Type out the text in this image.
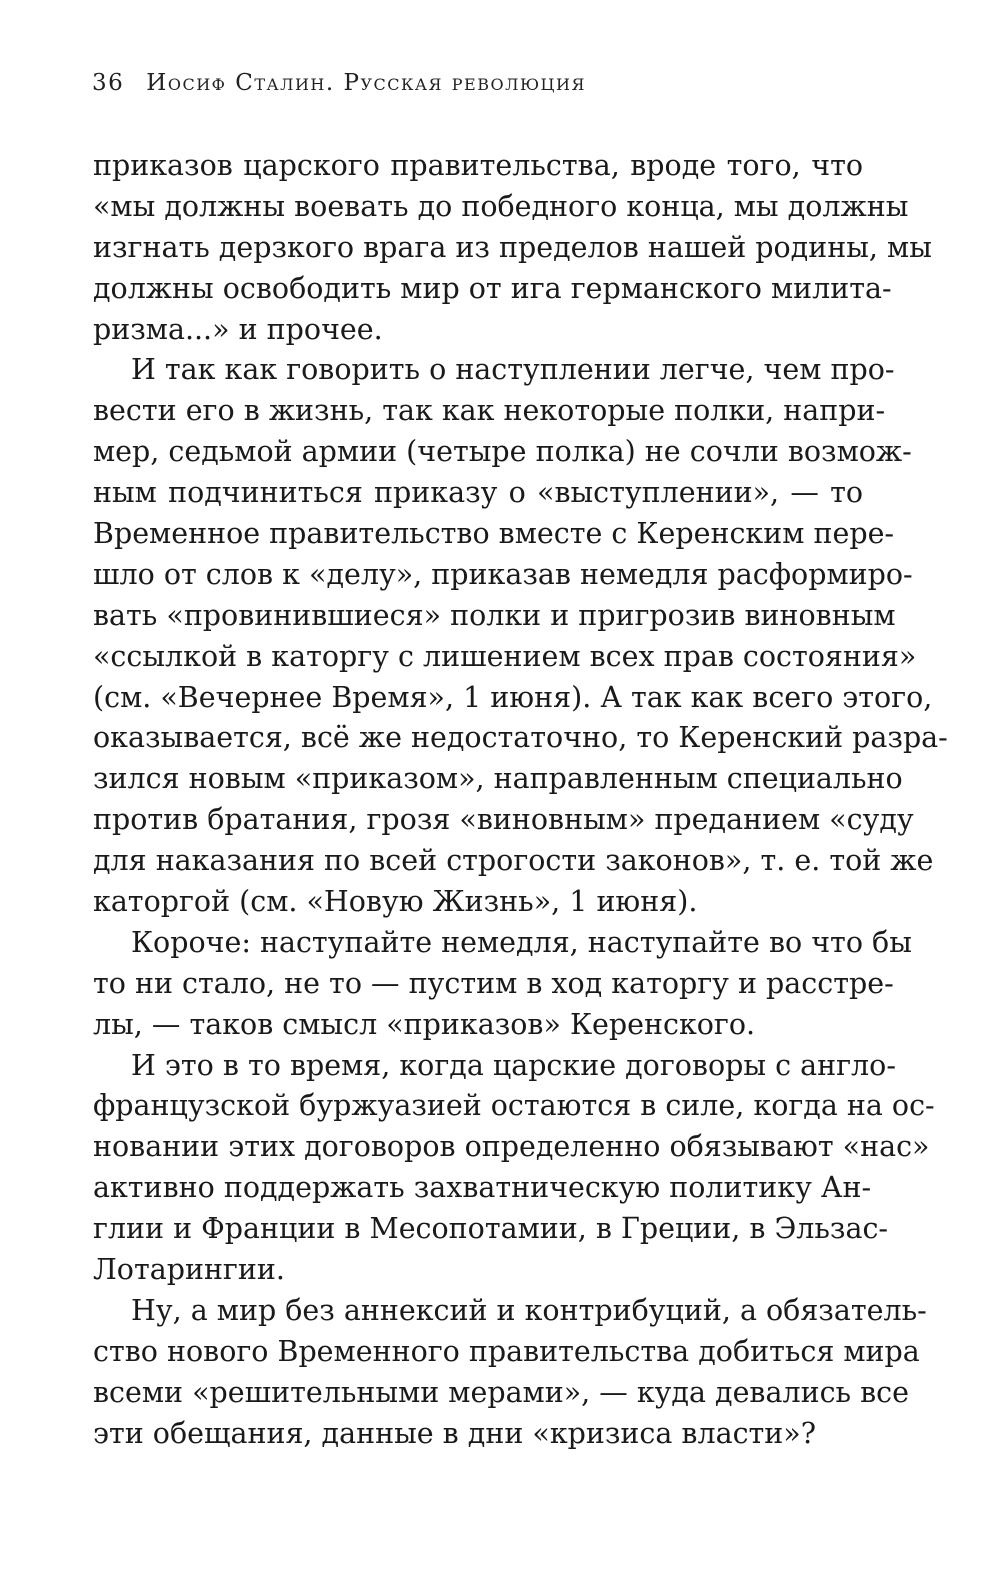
36 Иосиф Сталин. Русская революция
приказов царского правительства, вроде того, что
«мы должны воевать до победного конца, мы должны
изгнать дерзкого врага из пределов нашей родины, мы
должны освободить мир от ига германского милита-
ризма...» и прочее.
И так как говорить о наступлении легче, чем про-
вести его в жизнь, так как некоторые полки, напри-
мер, седьмой армии (четыре полка) не сочли возмож-
ным подчиниться приказу о «выступлении», — то
Временное правительство вместе с Керенским пере-
шло от слов к «делу», приказав немедля расформиро-
вать «провинившиеся» полки и пригрозив виновным
«ссылкой в каторгу с лишением всех прав состояния»
(см. «Вечернее Время», 1 июня). А так как всего этого,
оказывается, всё же недостаточно, то Керенский разра-
зился новым «приказом», направленным специально
против братания, грозя «виновным» преданием «суду
для наказания по всей строгости законов», т. е. той же
каторгой (см. «Новую Жизнь», 1 июня).
Короче: наступайте немедля, наступайте во что бы
то ни стало, не то — пустим в ход каторгу и расстре-
лы, — таков смысл «приказов» Керенского.
И это в то время, когда царские договоры с англо-
французской буржуазией остаются в силе, когда на ос-
новании этих договоров определенно обязывают «нас»
активно поддержать захватническую политику Ан-
глии и Франции в Месопотамии, в Греции, в Эльзас-
Лотарингии.
Ну, а мир без аннексий и контрибуций, а обязатель-
ство нового Временного правительства добиться мира
всеми «решительными мерами», — куда девались все
эти обещания, данные в дни «кризиса власти»?
